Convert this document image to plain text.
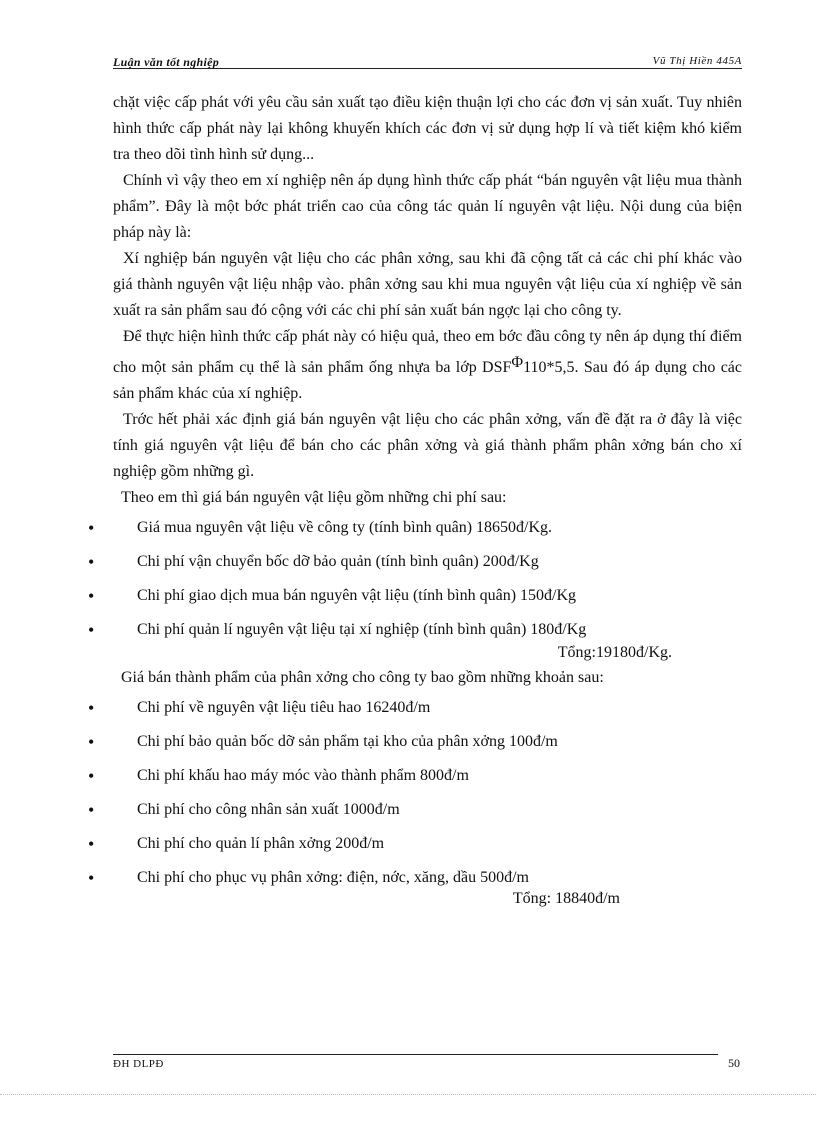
Luận văn tốt nghiệp	Vũ Thị Hiền 445A

chặt việc cấp phát với yêu cầu sản xuất tạo điều kiện thuận lợi cho các đơn vị sản xuất. Tuy nhiên hình thức cấp phát này lại không khuyến khích các đơn vị sử dụng hợp lí và tiết kiệm khó kiểm tra theo dõi tình hình sử dụng...

Chính vì vậy theo em xí nghiệp nên áp dụng hình thức cấp phát “bán nguyên vật liệu mua thành phẩm”. Đây là một bớc phát triển cao của công tác quản lí nguyên vật liệu. Nội dung của biện pháp này là:

Xí nghiệp bán nguyên vật liệu cho các phân xởng, sau khi đã cộng tất cả các chi phí khác vào giá thành nguyên vật liệu nhập vào. phân xởng sau khi mua nguyên vật liệu của xí nghiệp về sản xuất ra sản phẩm sau đó cộng với các chi phí sản xuất bán ngợc lại cho công ty.

Để thực hiện hình thức cấp phát này có hiệu quả, theo em bớc đầu công ty nên áp dụng thí điểm cho một sản phẩm cụ thể là sản phẩm ống nhựa ba lớp DSFΦ110*5,5. Sau đó áp dụng cho các sản phẩm khác của xí nghiệp.

Trớc hết phải xác định giá bán nguyên vật liệu cho các phân xởng, vấn đề đặt ra ở đây là việc tính giá nguyên vật liệu để bán cho các phân xởng và giá thành phẩm phân xởng bán cho xí nghiệp gồm những gì.

Theo em thì giá bán nguyên vật liệu gồm những chi phí sau:

•	Giá mua nguyên vật liệu về công ty (tính bình quân) 18650đ/Kg.
•	Chi phí vận chuyển bốc dỡ bảo quản (tính bình quân) 200đ/Kg
•	Chi phí giao dịch mua bán nguyên vật liệu (tính bình quân) 150đ/Kg
•	Chi phí quản lí nguyên vật liệu tại xí nghiệp (tính bình quân) 180đ/Kg
Tổng:19180đ/Kg.

Giá bán thành phẩm của phân xởng cho công ty bao gồm những khoản sau:

•	Chi phí về nguyên vật liệu tiêu hao 16240đ/m
•	Chi phí bảo quản bốc dỡ sản phẩm tại kho của phân xởng 100đ/m
•	Chi phí khấu hao máy móc vào thành phẩm 800đ/m
•	Chi phí cho công nhân sản xuất 1000đ/m
•	Chi phí cho quản lí phân xởng 200đ/m
•	Chi phí cho phục vụ phân xởng: điện, nớc, xăng, dầu 500đ/m
Tổng: 18840đ/m
ĐH DLPĐ	50
